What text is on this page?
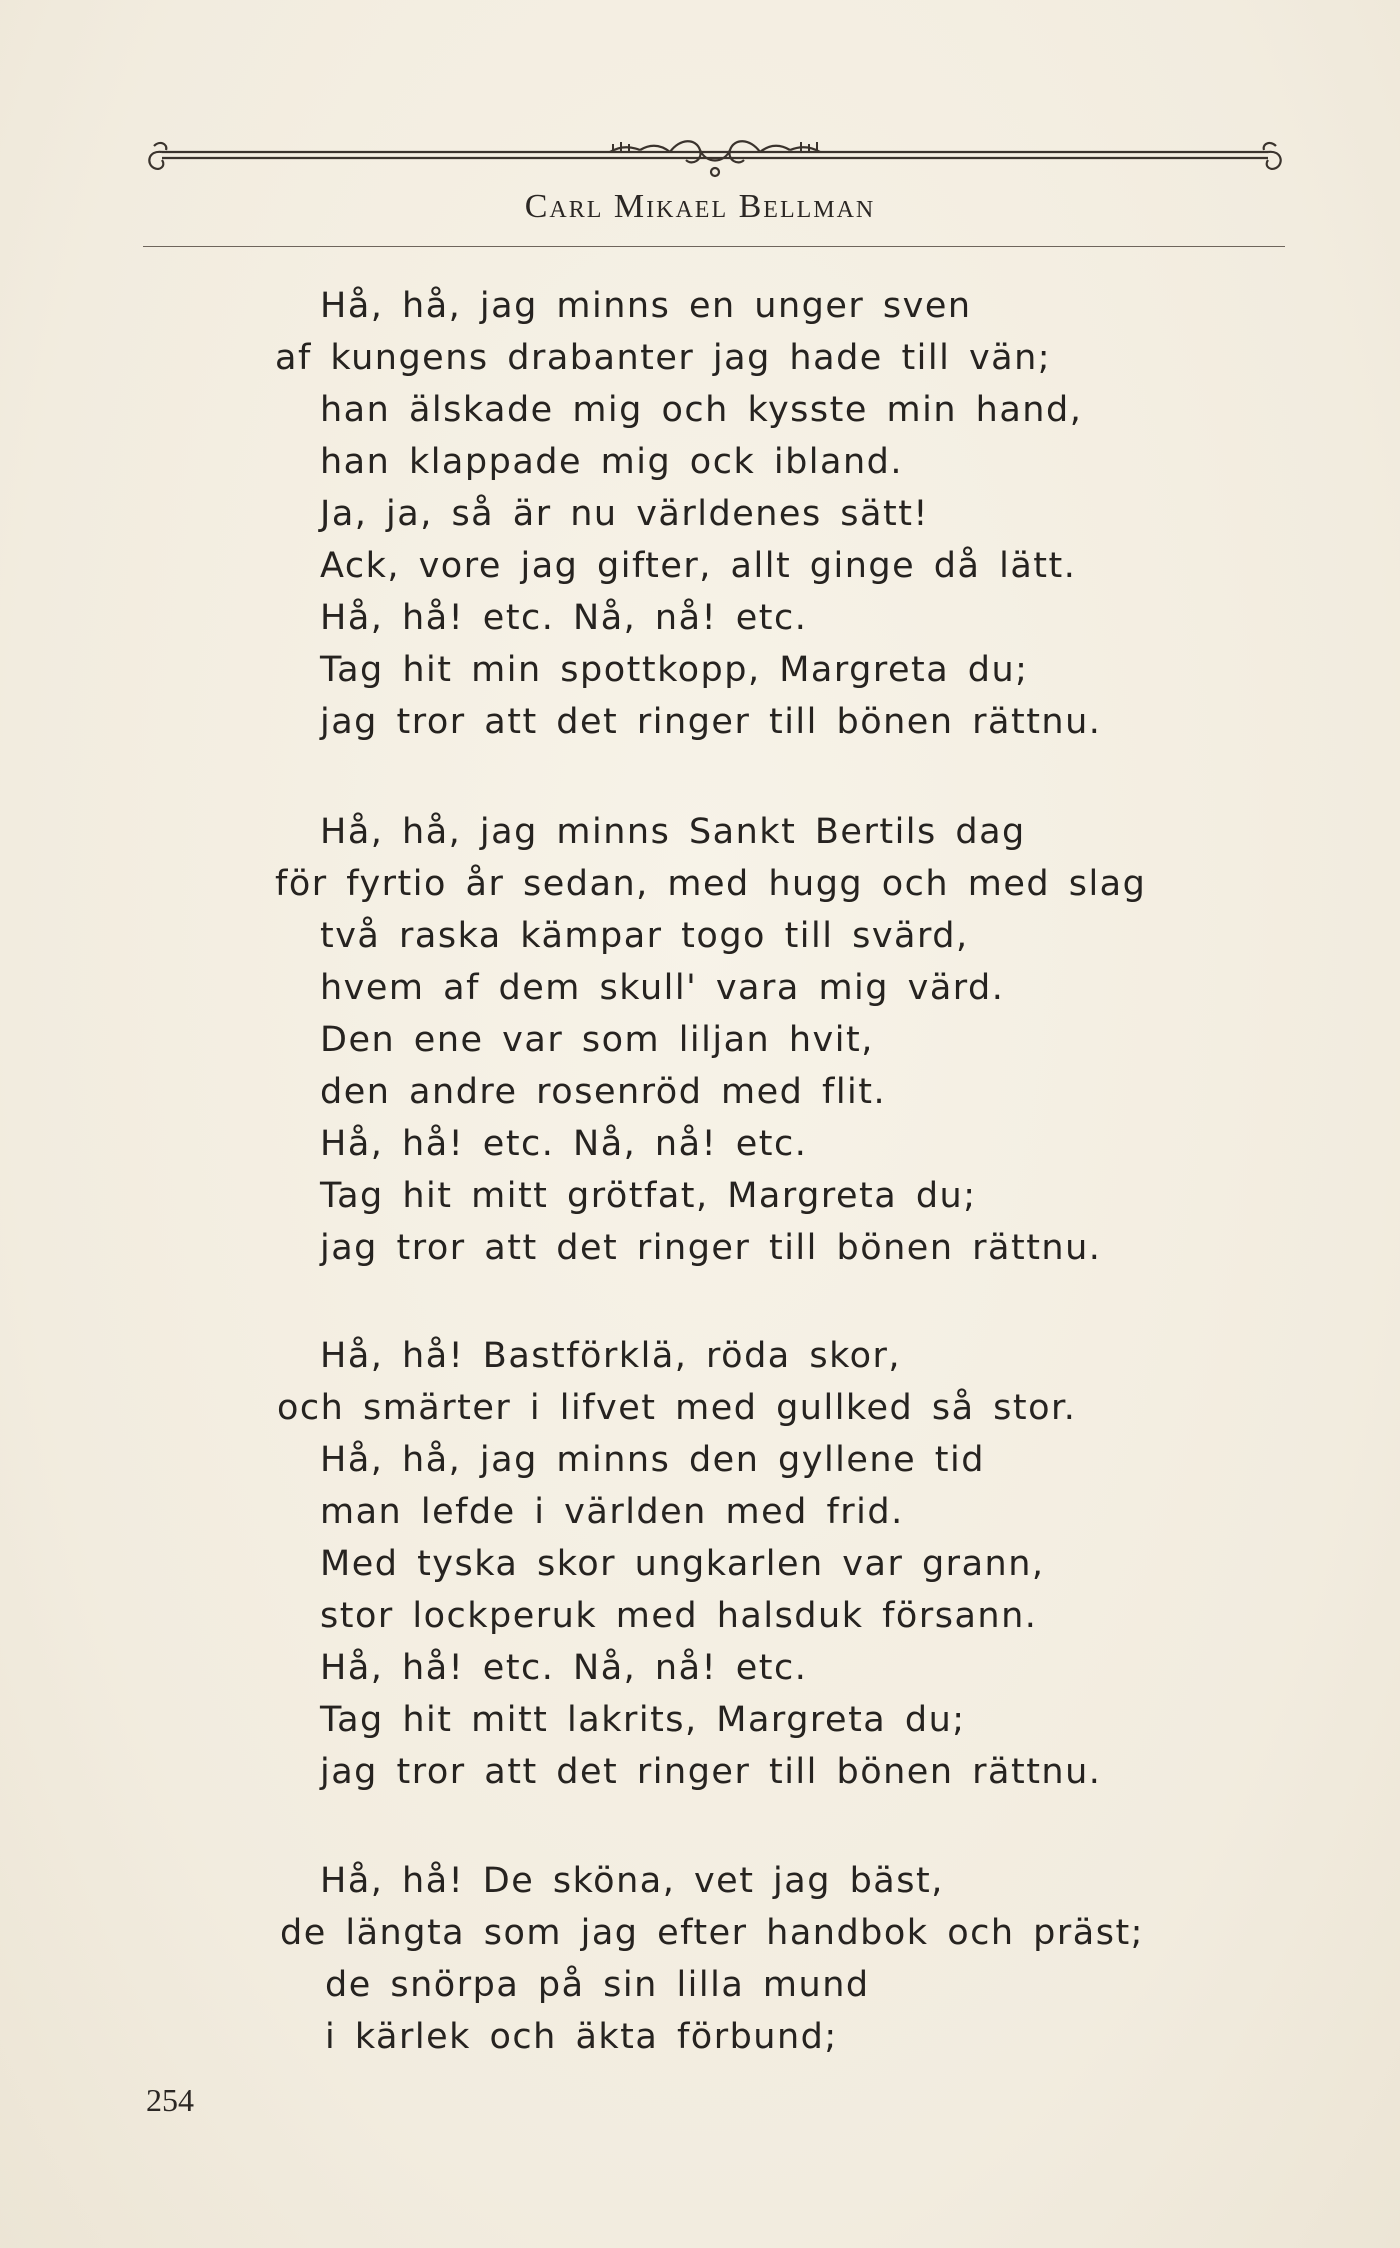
Carl Mikael Bellman
Hå, hå, jag minns en unger sven
af kungens drabanter jag hade till vän;
han älskade mig och kysste min hand,
han klappade mig ock ibland.
Ja, ja, så är nu världenes sätt!
Ack, vore jag gifter, allt ginge då lätt.
Hå, hå! etc. Nå, nå! etc.
Tag hit min spottkopp, Margreta du;
jag tror att det ringer till bönen rättnu.
Hå, hå, jag minns Sankt Bertils dag
för fyrtio år sedan, med hugg och med slag
två raska kämpar togo till svärd,
hvem af dem skull' vara mig värd.
Den ene var som liljan hvit,
den andre rosenröd med flit.
Hå, hå! etc. Nå, nå! etc.
Tag hit mitt grötfat, Margreta du;
jag tror att det ringer till bönen rättnu.
Hå, hå! Bastförklä, röda skor,
och smärter i lifvet med gullked så stor.
Hå, hå, jag minns den gyllene tid
man lefde i världen med frid.
Med tyska skor ungkarlen var grann,
stor lockperuk med halsduk försann.
Hå, hå! etc. Nå, nå! etc.
Tag hit mitt lakrits, Margreta du;
jag tror att det ringer till bönen rättnu.
Hå, hå! De sköna, vet jag bäst,
de längta som jag efter handbok och präst;
de snörpa på sin lilla mund
i kärlek och äkta förbund;
254
